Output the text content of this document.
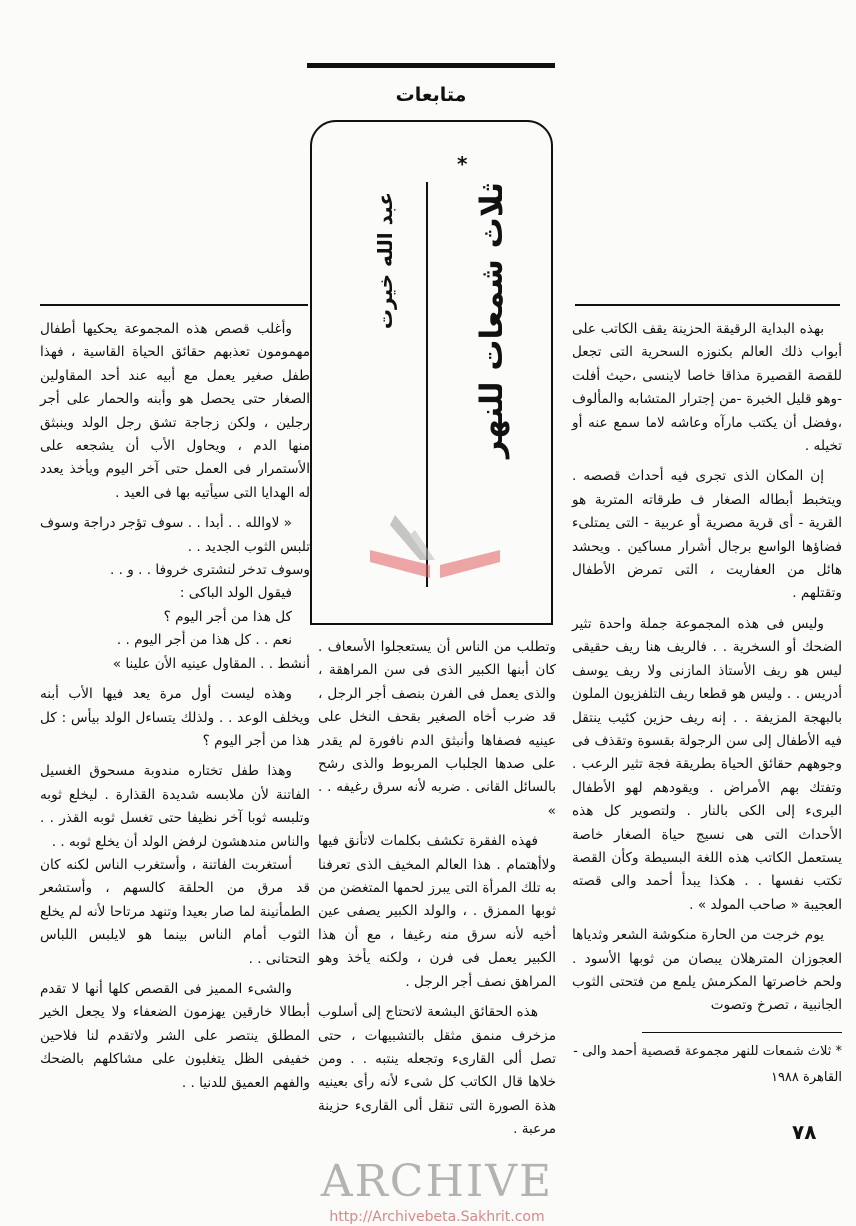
متابعات
*
ثلاث شمعات للنهر
عبد الله خيرت	بهذه البداية الرقيقة الحزينة يقف الكاتب على أبواب ذلك العالم بكنوزه السحرية التى تجعل للقصة القصيرة مذاقا خاصا لاينسى ،حيث أفلت -وهو قليل الخبرة -من إجترار المتشابه والمألوف ،وفضل أن يكتب مارآه وعاشه لاما سمع عنه أو تخيله .

إن المكان الذى تجرى فيه أحداث قصصه . ويتخبط أبطاله الصغار ف طرقاته المتربة هو القرية - أى قرية مصرية أو عربية - التى يمتلىء فضاؤها الواسع برجال أشرار مساكين . ويحشد هائل من العفاريت ، التى تمرض الأطفال وتقتلهم .

وليس فى هذه المجموعة جملة واحدة تثير الضحك أو السخرية . . فالريف هنا ريف حقيقى ليس هو ريف الأستاذ المازنى ولا ريف يوسف أدريس . . وليس هو قطعا ريف التلفزيون الملون بالبهجة المزيفة . . إنه ريف حزين كئيب ينتقل فيه الأطفال إلى سن الرجولة بقسوة وتقذف فى وجوههم حقائق الحياة بطريقة فجة تثير الرعب . وتفتك بهم الأمراض . ويقودهم لهو الأطفال البرىء إلى الكى بالنار . ولتصوير كل هذه الأحداث التى هى نسيج حياة الصغار خاصة يستعمل الكاتب هذه اللغة البسيطة وكأن القصة تكتب نفسها . . هكذا يبدأ أحمد والى قصته العجيبة « صاحب المولد » .

يوم خرجت من الحارة منكوشة الشعر وثدياها العجوزان المترهلان يبصان من ثوبها الأسود . ولحم خاصرتها المكرمش يلمع من فتحتى الثوب الجانبية ، تصرخ وتصوت

* ثلاث شمعات للنهر مجموعة قصصية أحمد والى - القاهرة ١٩٨٨
٧٨

وتطلب من الناس أن يستعجلوا الأسعاف . كان أبنها الكبير الذى فى سن المراهقة ، والذى يعمل فى الفرن بنصف أجر الرجل ، قد ضرب أخاه الصغير بقحف النخل على عينيه فصفاها وأنبثق الدم نافورة لم يقدر على صدها الجلباب المربوط والذى رشح بالسائل القانى . ضربه لأنه سرق رغيفه . . »

فهذه الفقرة تكشف بكلمات لاتأنق فيها ولاأهتمام . هذا العالم المخيف الذى تعرفنا به تلك المرأة التى يبرز لحمها المتغضن من ثوبها الممزق . ، والولد الكبير يصفى عين أخيه لأنه سرق منه رغيفا ، مع أن هذا الكبير يعمل فى فرن ، ولكنه يأخذ وهو المراهق نصف أجر الرجل .

هذه الحقائق البشعة لاتحتاج إلى أسلوب مزخرف منمق مثقل بالتشبيهات ، حتى تصل ألى القارىء وتجعله ينتبه . . ومن خلاها قال الكاتب كل شىء لأنه رأى بعينيه هذة الصورة التى تنقل ألى القارىء حزينة مرعبة .

ARCHIVE
http://Archivebeta.Sakhrit.com

وأغلب قصص هذه المجموعة يحكيها أطفال مهمومون تعذبهم حقائق الحياة القاسية ، فهذا طفل صغير يعمل مع أبيه عند أحد المقاولين الصغار حتى يحصل هو وأبنه والحمار على أجر رجلين ، ولكن زجاجة تشق رجل الولد وينبثق منها الدم ، ويحاول الأب أن يشجعه على الأستمرار فى العمل حتى آخر اليوم ويأخذ يعدد له الهدايا التى سيأتيه بها فى العيد .

« لاوالله . . أبدا . . سوف تؤجر دراجة وسوف تلبس الثوب الجديد . .

وسوف تدخر لنشترى خروفا . . و . .

فيقول الولد الباكى :

كل هذا من أجر اليوم ؟

نعم . . كل هذا من أجر اليوم . .

أنشط . . المقاول عينيه الأن علينا »

وهذه ليست أول مرة يعد فيها الأب أبنه ويخلف الوعد . . ولذلك يتساءل الولد بيأس : كل هذا من أجر اليوم ؟

وهذا طفل تختاره مندوبة مسحوق الغسيل الفاتنة لأن ملابسه شديدة القذارة . ليخلع ثوبه وتلبسه ثوبا آخر نظيفا حتى تغسل ثوبه القذر . . والناس مندهشون لرفض الولد أن يخلع ثوبه . .

أستغربت الفاتنة ، وأستغرب الناس لكنه كان قد مرق من الحلقة كالسهم ، وأستشعر الطمأنينة لما صار بعيدا وتنهد مرتاحا لأنه لم يخلع الثوب أمام الناس بينما هو لايلبس اللباس التحتانى . .

والشىء المميز فى القصص كلها أنها لا تقدم أبطالا خارقين يهزمون الضعفاء ولا يجعل الخير المطلق ينتصر على الشر ولاتقدم لنا فلاحين خفيفى الظل يتغلبون على مشاكلهم بالضحك والفهم العميق للدنيا . .
